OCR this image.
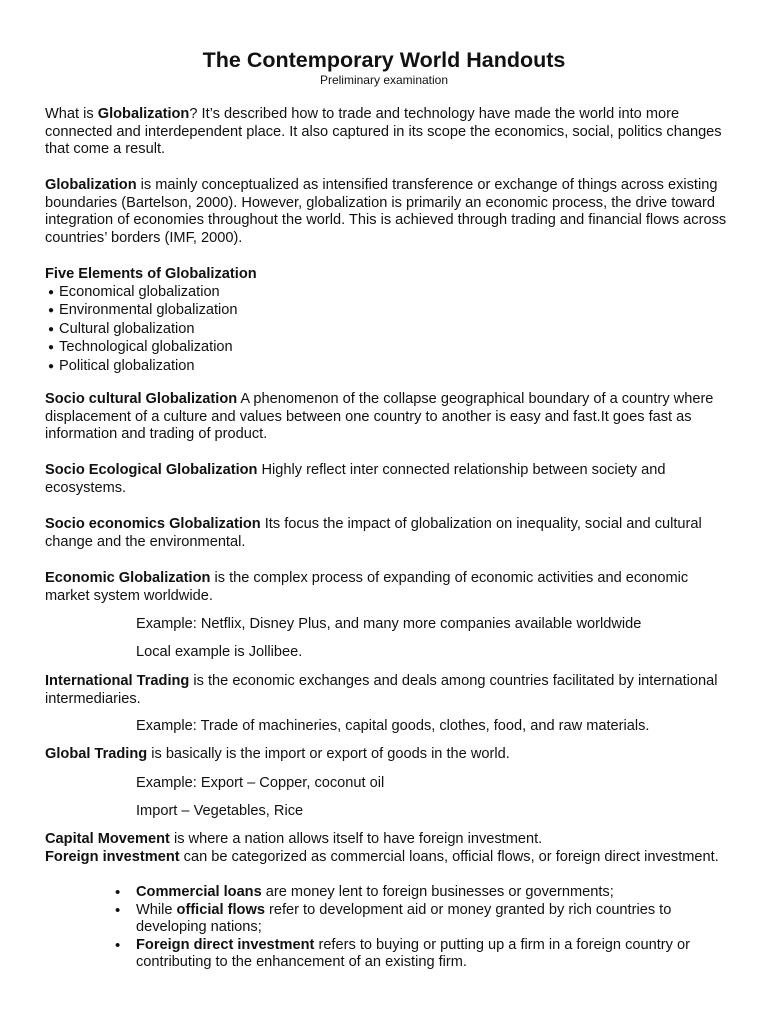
The Contemporary World Handouts
Preliminary examination

What is Globalization? It’s described how to trade and technology have made the world into more connected and interdependent place. It also captured in its scope the economics, social, politics changes that come a result.

Globalization is mainly conceptualized as intensified transference or exchange of things across existing boundaries (Bartelson, 2000). However, globalization is primarily an economic process, the drive toward integration of economies throughout the world. This is achieved through trading and financial flows across countries’ borders (IMF, 2000).

Five Elements of Globalization

● Economical globalization
● Environmental globalization
● Cultural globalization
● Technological globalization
● Political globalization

Socio cultural Globalization A phenomenon of the collapse geographical boundary of a country where displacement of a culture and values between one country to another is easy and fast.It goes fast as information and trading of product.

Socio Ecological Globalization Highly reflect inter connected relationship between society and ecosystems.

Socio economics Globalization Its focus the impact of globalization on inequality, social and cultural change and the environmental.

Economic Globalization is the complex process of expanding of economic activities and economic market system worldwide.

Example: Netflix, Disney Plus, and many more companies available worldwide
Local example is Jollibee.

International Trading is the economic exchanges and deals among countries facilitated by international intermediaries.

Example: Trade of machineries, capital goods, clothes, food, and raw materials.

Global Trading is basically is the import or export of goods in the world.

Example: Export – Copper, coconut oil
Import – Vegetables, Rice

Capital Movement is where a nation allows itself to have foreign investment.

Foreign investment can be categorized as commercial loans, official flows, or foreign direct investment.

• Commercial loans are money lent to foreign businesses or governments;
• While official flows refer to development aid or money granted by rich countries to developing nations;
• Foreign direct investment refers to buying or putting up a firm in a foreign country or contributing to the enhancement of an existing firm.
